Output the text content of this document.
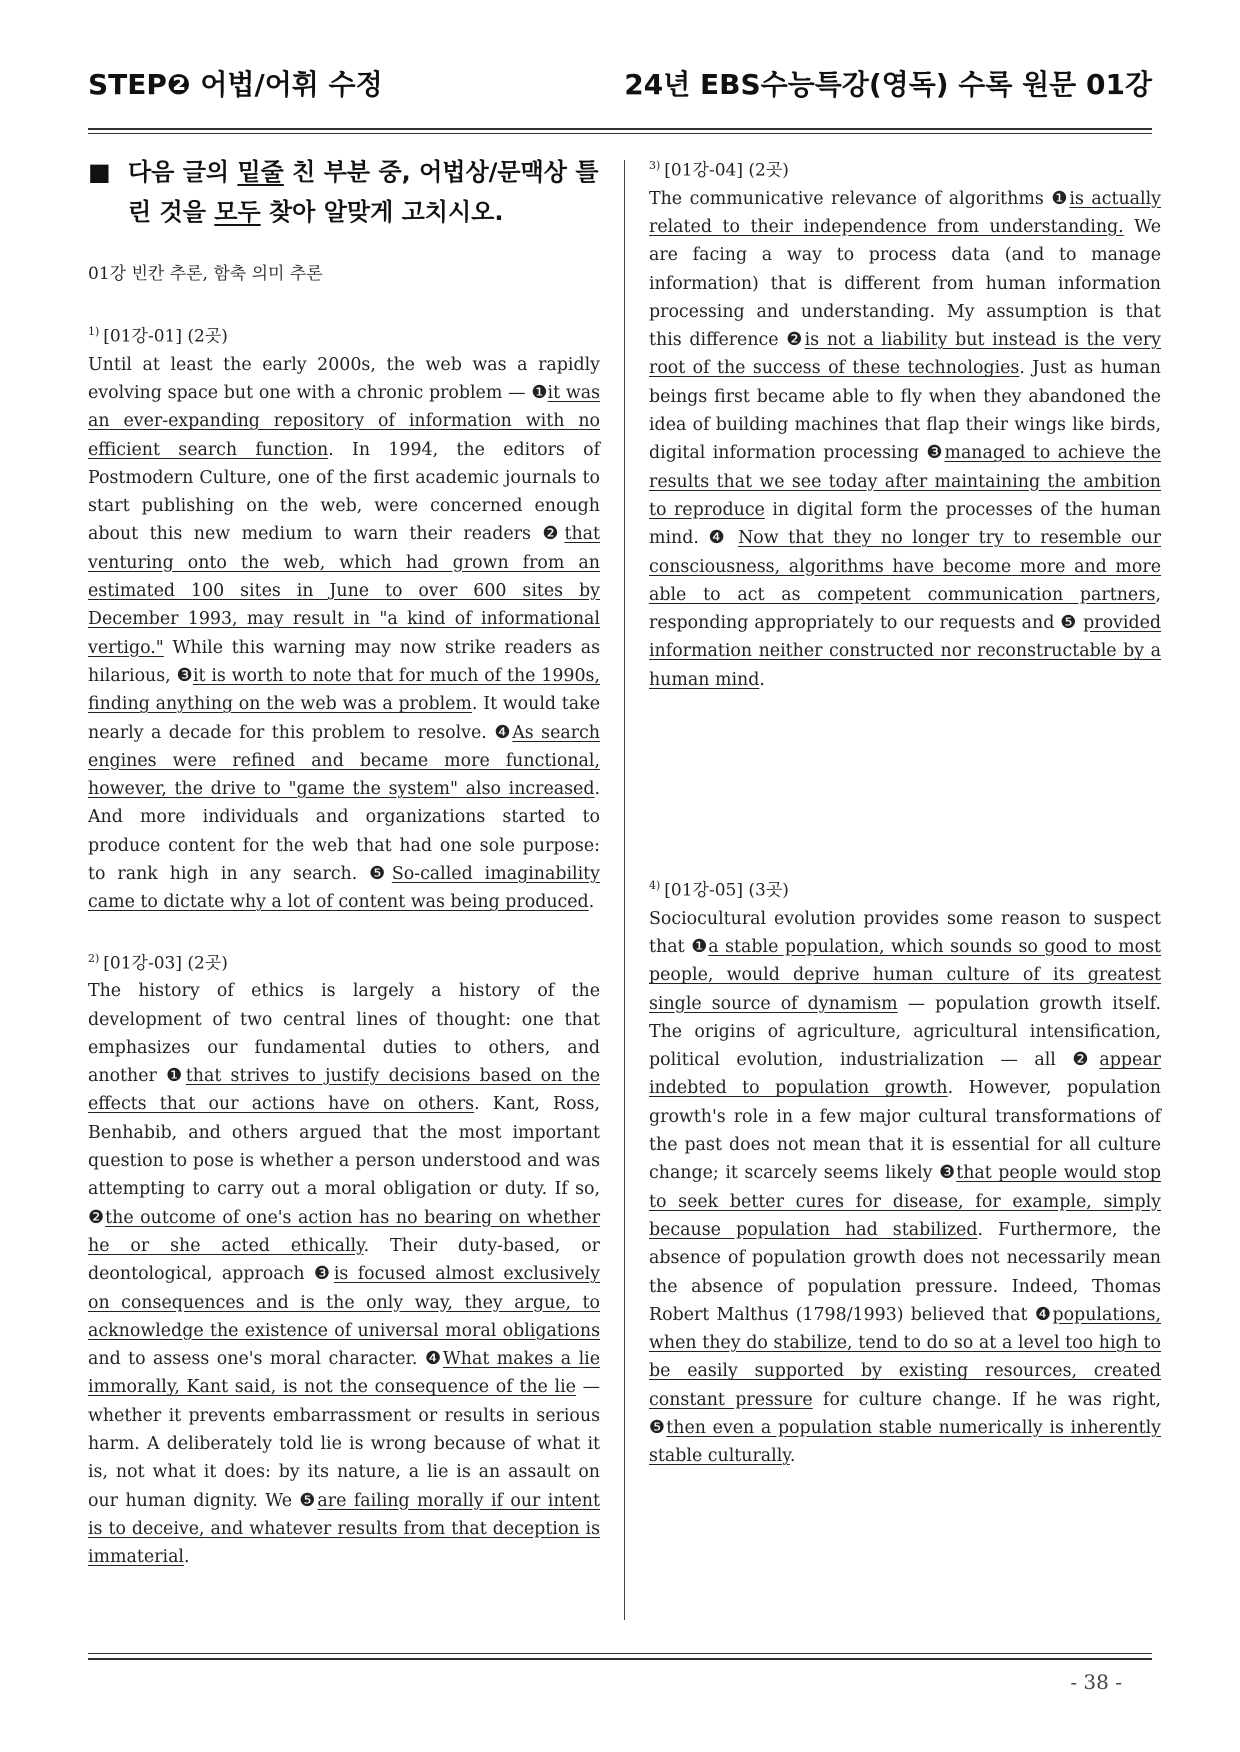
STEP❷ 어법/어휘 수정	24년 EBS수능특강(영독) 수록 원문 01강

■ 다음 글의 밑줄 친 부분 중, 어법상/문맥상 틀린 것을 모두 찾아 알맞게 고치시오.

01강 빈칸 추론, 함축 의미 추론

$^{1)}$ [01강-01] (2곳)

Until at least the early 2000s, the web was a rapidly evolving space but one with a chronic problem — ❶it was an ever-expanding repository of information with no efficient search function. In 1994, the editors of Postmodern Culture, one of the first academic journals to start publishing on the web, were concerned enough about this new medium to warn their readers ❷that venturing onto the web, which had grown from an estimated 100 sites in June to over 600 sites by December 1993, may result in "a kind of informational vertigo." While this warning may now strike readers as hilarious, ❸it is worth to note that for much of the 1990s, finding anything on the web was a problem. It would take nearly a decade for this problem to resolve. ❹As search engines were refined and became more functional, however, the drive to "game the system" also increased. And more individuals and organizations started to produce content for the web that had one sole purpose: to rank high in any search. ❺So-called imaginability came to dictate why a lot of content was being produced.

$^{2)}$ [01강-03] (2곳)

The history of ethics is largely a history of the development of two central lines of thought: one that emphasizes our fundamental duties to others, and another ❶that strives to justify decisions based on the effects that our actions have on others. Kant, Ross, Benhabib, and others argued that the most important question to pose is whether a person understood and was attempting to carry out a moral obligation or duty. If so, ❷the outcome of one's action has no bearing on whether he or she acted ethically. Their duty-based, or deontological, approach ❸is focused almost exclusively on consequences and is the only way, they argue, to acknowledge the existence of universal moral obligations and to assess one's moral character. ❹What makes a lie immorally, Kant said, is not the consequence of the lie — whether it prevents embarrassment or results in serious harm. A deliberately told lie is wrong because of what it is, not what it does: by its nature, a lie is an assault on our human dignity. We ❺are failing morally if our intent is to deceive, and whatever results from that deception is immaterial.

$^{3)}$ [01강-04] (2곳)

The communicative relevance of algorithms ❶is actually related to their independence from understanding. We are facing a way to process data (and to manage information) that is different from human information processing and understanding. My assumption is that this difference ❷is not a liability but instead is the very root of the success of these technologies. Just as human beings first became able to fly when they abandoned the idea of building machines that flap their wings like birds, digital information processing ❸managed to achieve the results that we see today after maintaining the ambition to reproduce in digital form the processes of the human mind. ❹ Now that they no longer try to resemble our consciousness, algorithms have become more and more able to act as competent communication partners, responding appropriately to our requests and ❺ provided information neither constructed nor reconstructable by a human mind.

$^{4)}$ [01강-05] (3곳)

Sociocultural evolution provides some reason to suspect that ❶a stable population, which sounds so good to most people, would deprive human culture of its greatest single source of dynamism — population growth itself. The origins of agriculture, agricultural intensification, political evolution, industrialization — all ❷appear indebted to population growth. However, population growth's role in a few major cultural transformations of the past does not mean that it is essential for all culture change; it scarcely seems likely ❸that people would stop to seek better cures for disease, for example, simply because population had stabilized. Furthermore, the absence of population growth does not necessarily mean the absence of population pressure. Indeed, Thomas Robert Malthus (1798/1993) believed that ❹populations, when they do stabilize, tend to do so at a level too high to be easily supported by existing resources, created constant pressure for culture change. If he was right, ❺then even a population stable numerically is inherently stable culturally.

- 38 -
